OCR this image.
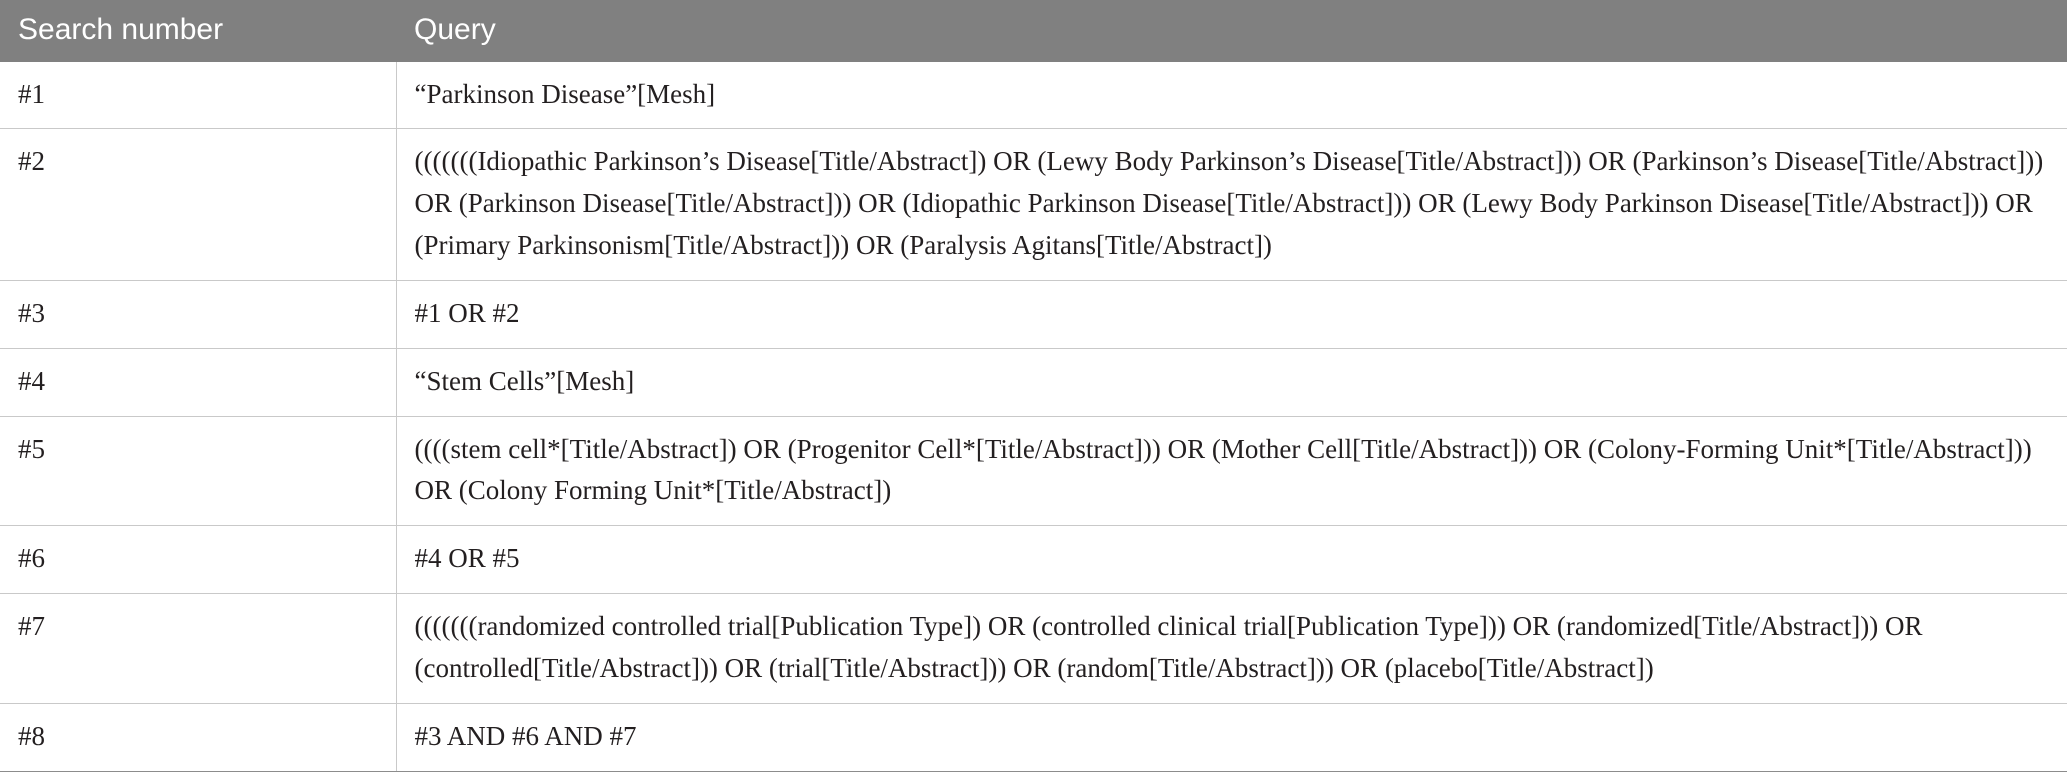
Search number	Query
#1	“Parkinson Disease”[Mesh]

#2	(((((((Idiopathic Parkinson’s Disease[Title/Abstract]) OR (Lewy Body Parkinson’s Disease[Title/Abstract])) OR (Parkinson’s Disease[Title/Abstract])) OR (Parkinson Disease[Title/Abstract])) OR (Idiopathic Parkinson Disease[Title/Abstract])) OR (Lewy Body Parkinson Disease[Title/Abstract])) OR (Primary Parkinsonism[Title/Abstract])) OR (Paralysis Agitans[Title/Abstract])

#3	#1 OR #2

#4	“Stem Cells”[Mesh]

#5	((((stem cell*[Title/Abstract]) OR (Progenitor Cell*[Title/Abstract])) OR (Mother Cell[Title/Abstract])) OR (Colony-Forming Unit*[Title/Abstract])) OR (Colony Forming Unit*[Title/Abstract])

#6	#4 OR #5

#7	(((((((randomized controlled trial[Publication Type]) OR (controlled clinical trial[Publication Type])) OR (randomized[Title/Abstract])) OR (controlled[Title/Abstract])) OR (trial[Title/Abstract])) OR (random[Title/Abstract])) OR (placebo[Title/Abstract])

#8	#3 AND #6 AND #7
